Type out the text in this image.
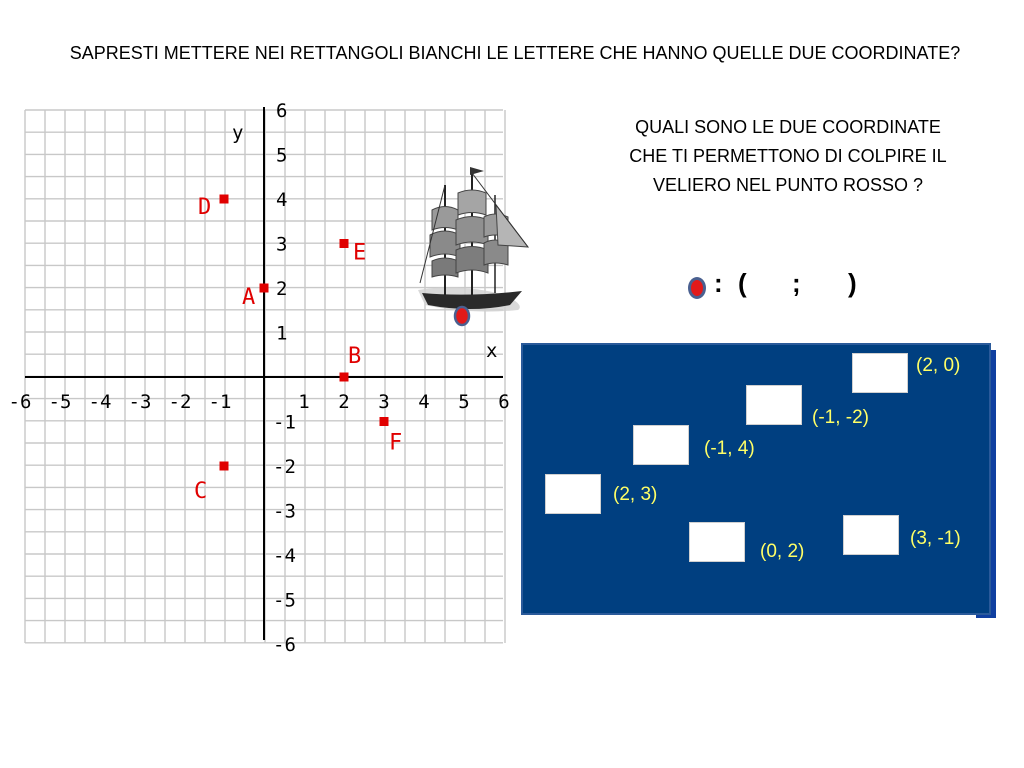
SAPRESTI METTERE NEI RETTANGOLI BIANCHI LE LETTERE CHE HANNO QUELLE DUE COORDINATE?
QUALI SONO LE DUE COORDINATE CHE TI PERMETTONO DI COLPIRE IL VELIERO NEL PUNTO ROSSO ?
: ( ; )
x
y
-6 -5 -4 -3 -2 -1	1 2 3 4 5 6
6
5
4
3
2
1
-1
-2
-3
-4
-5
-6
D
E
A
B
F
C
(2, 0)
(-1, -2)
(-1, 4)
(2, 3)
(3, -1)
(0, 2)
